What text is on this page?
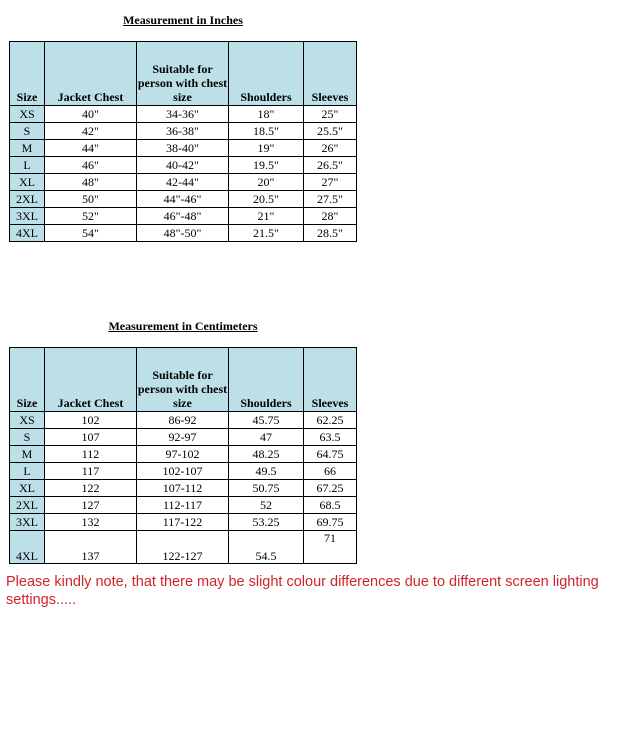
Measurement in Inches
Size	Jacket Chest	Suitable for person with chest size	Shoulders	Sleeves
XS	40"	34-36"	18"	25"
S	42"	36-38"	18.5"	25.5"
M	44"	38-40"	19"	26"
L	46"	40-42"	19.5"	26.5"
XL	48"	42-44"	20"	27"
2XL	50"	44"-46"	20.5"	27.5"
3XL	52"	46"-48"	21"	28"
4XL	54"	48"-50"	21.5"	28.5"
Measurement in Centimeters
Size	Jacket Chest	Suitable for person with chest size	Shoulders	Sleeves
XS	102	86-92	45.75	62.25
S	107	92-97	47	63.5
M	112	97-102	48.25	64.75
L	117	102-107	49.5	66
XL	122	107-112	50.75	67.25
2XL	127	112-117	52	68.5
3XL	132	117-122	53.25	69.75
4XL	137	122-127	54.5	71
Please kindly note, that there may be slight colour differences due to different screen lighting settings.....
